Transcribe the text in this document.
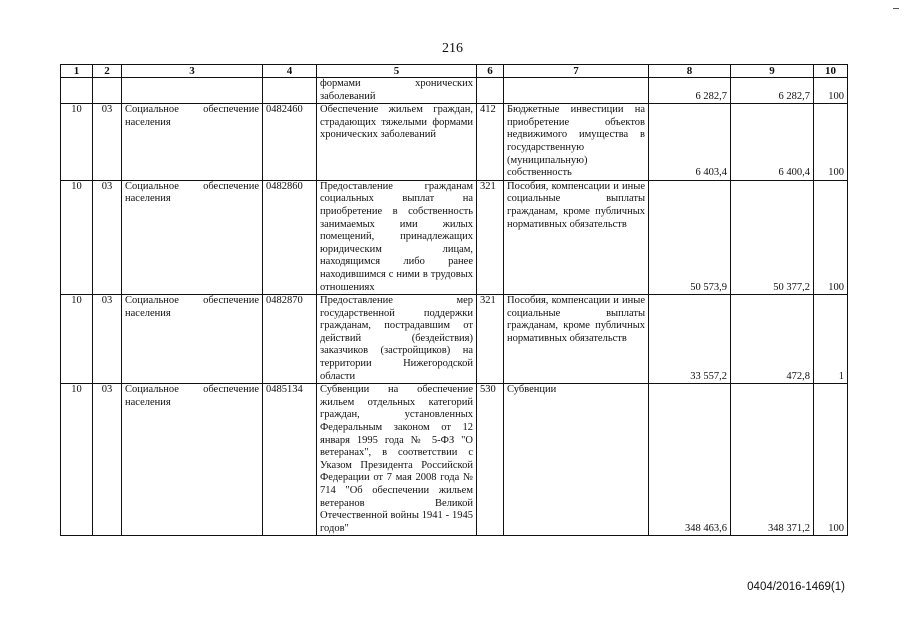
216
1	2	3	4	5	6	7	8	9	10
				формами хронических заболеваний			6 282,7	6 282,7	100
10	03	Социальное обеспечение населения	0482460	Обеспечение жильем граждан, страдающих тяжелыми формами хронических заболеваний	412	Бюджетные инвестиции на приобретение объектов недвижимого имущества в государственную (муниципальную) собственность	6 403,4	6 400,4	100
10	03	Социальное обеспечение населения	0482860	Предоставление гражданам социальных выплат на приобретение в собственность занимаемых ими жилых помещений, принадлежащих юридическим лицам, находящимся либо ранее находившимся с ними в трудовых отношениях	321	Пособия, компенсации и иные социальные выплаты гражданам, кроме публичных нормативных обязательств	50 573,9	50 377,2	100
10	03	Социальное обеспечение населения	0482870	Предоставление мер государственной поддержки гражданам, пострадавшим от действий (бездействия) заказчиков (застройщиков) на территории Нижегородской области	321	Пособия, компенсации и иные социальные выплаты гражданам, кроме публичных нормативных обязательств	33 557,2	472,8	1
10	03	Социальное обеспечение населения	0485134	Субвенции на обеспечение жильем отдельных категорий граждан, установленных Федеральным законом от 12 января 1995 года № 5-ФЗ "О ветеранах", в соответствии с Указом Президента Российской Федерации от 7 мая 2008 года № 714 "Об обеспечении жильем ветеранов Великой Отечественной войны 1941 - 1945 годов"	530	Субвенции	348 463,6	348 371,2	100
0404/2016-1469(1)
